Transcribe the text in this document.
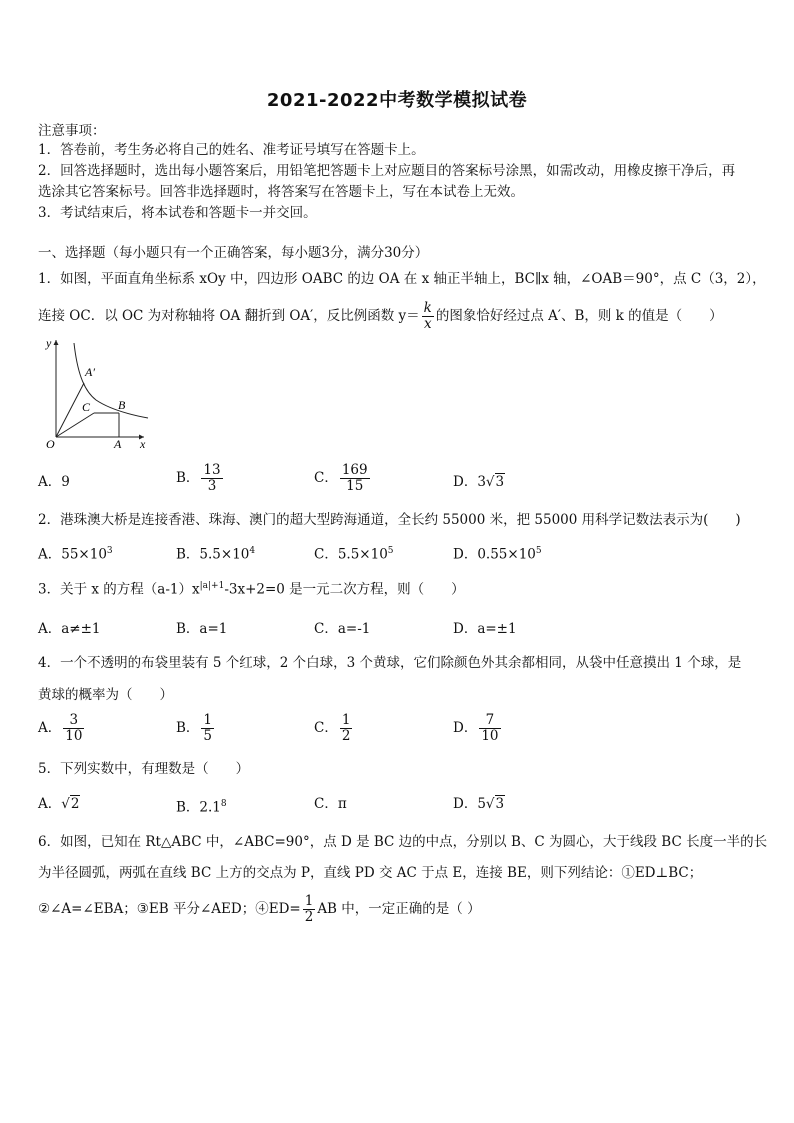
2021-2022中考数学模拟试卷
注意事项：
1．答卷前，考生务必将自己的姓名、准考证号填写在答题卡上。
2．回答选择题时，选出每小题答案后，用铅笔把答题卡上对应题目的答案标号涂黑，如需改动，用橡皮擦干净后，再
选涂其它答案标号。回答非选择题时，将答案写在答题卡上，写在本试卷上无效。
3．考试结束后，将本试卷和答题卡一并交回。
一、选择题（每小题只有一个正确答案，每小题3分，满分30分）
1．如图，平面直角坐标系 xOy 中，四边形 OABC 的边 OA 在 x 轴正半轴上，BC∥x 轴，∠OAB＝90°，点 C（3，2），
连接 OC．以 OC 为对称轴将 OA 翻折到 OA′，反比例函数 $y= \frac{k}{x}$ 的图象恰好经过点 A′、B，则 k 的值是（　　）
y
x
O	A
B
C
A′
A．9	B． $\frac{13}{3}$	C． $\frac{169}{15}$	D．3√3
2．港珠澳大桥是连接香港、珠海、澳门的超大型跨海通道，全长约 55000 米，把 55000 用科学记数法表示为(　　)
A．$55\times 10^3$	B．$5.5\times 10^4$	C．$5.5\times 10^5$	D．$0.55\times 10^5$
3．关于 x 的方程$(a-1)x^{|a|+1}-3x+2=0$ 是一元二次方程，则（　　）
A．a≠±1	B．a=1	C．a=-1	D．a=±1
4．一个不透明的布袋里装有 5 个红球，2 个白球，3 个黄球，它们除颜色外其余都相同，从袋中任意摸出 1 个球，是
黄球的概率为（　　）
A． $\frac{3}{10}$	B． $\frac{1}{5}$	C． $\frac{1}{2}$	D． $\frac{7}{10}$
5．下列实数中，有理数是（　　）
A．√2	B．$2.1^8$	C．π	D．5√3
6．如图，已知在 Rt△ABC 中，∠ABC=90°，点 D 是 BC 边的中点，分别以 B、C 为圆心，大于线段 BC 长度一半的长
为半径圆弧，两弧在直线 BC 上方的交点为 P，直线 PD 交 AC 于点 E，连接 BE，则下列结论：①ED⊥BC；
②∠A=∠EBA；③EB 平分∠AED；④ED= $\frac{1}{2}$ AB 中，一定正确的是（ ）
